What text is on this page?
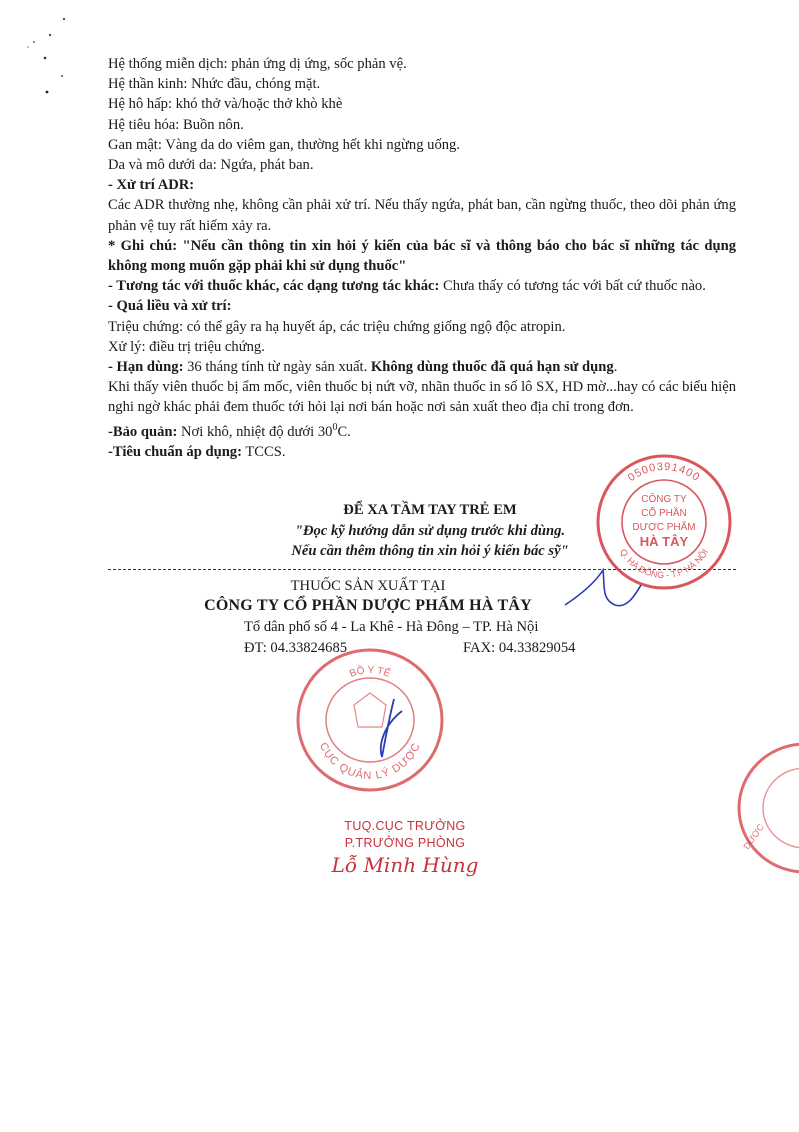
Hệ thống miễn dịch: phản ứng dị ứng, sốc phản vệ.

Hệ thần kinh: Nhức đầu, chóng mặt.

Hệ hô hấp: khó thở và/hoặc thở khò khè

Hệ tiêu hóa: Buồn nôn.

Gan mật: Vàng da do viêm gan, thường hết khi ngừng uống.

Da và mô dưới da: Ngứa, phát ban.

- Xử trí ADR:

Các ADR thường nhẹ, không cần phải xử trí. Nếu thấy ngứa, phát ban, cần ngừng thuốc, theo dõi phản ứng phản vệ tuy rất hiếm xảy ra.

* Ghi chú: "Nếu cần thông tin xin hỏi ý kiến của bác sĩ và thông báo cho bác sĩ những tác dụng không mong muốn gặp phải khi sử dụng thuốc"

- Tương tác với thuốc khác, các dạng tương tác khác: Chưa thấy có tương tác với bất cứ thuốc nào.

- Quá liều và xử trí:

Triệu chứng: có thể gây ra hạ huyết áp, các triệu chứng giống ngộ độc atropin.

Xử lý: điều trị triệu chứng.

- Hạn dùng: 36 tháng tính từ ngày sản xuất. Không dùng thuốc đã quá hạn sử dụng.

Khi thấy viên thuốc bị ẩm mốc, viên thuốc bị nứt vỡ, nhãn thuốc in số lô SX, HD mờ...hay có các biểu hiện nghi ngờ khác phải đem thuốc tới hỏi lại nơi bán hoặc nơi sản xuất theo địa chỉ trong đơn.

-Bảo quản: Nơi khô, nhiệt độ dưới $30^0C$.

-Tiêu chuẩn áp dụng: TCCS.

ĐỂ XA TẦM TAY TRẺ EM
"Đọc kỹ hướng dẫn sử dụng trước khi dùng.
Nếu cần thêm thông tin xin hỏi ý kiến bác sỹ"
THUỐC SẢN XUẤT TẠI
CÔNG TY CỔ PHẦN DƯỢC PHẨM HÀ TÂY
Tổ dân phố số 4 - La Khê - Hà Đông – TP. Hà Nội
ĐT: 04.33824685	FAX: 04.33829054
0500391400
Q. HÀ ĐÔNG - T.P HÀ NỘI
CÔNG TY
CỔ PHẦN
DƯỢC PHẨM
HÀ TÂY
BỘ Y TẾ
CỤC QUẢN LÝ DƯỢC
DƯỢC
TUQ.CỤC TRƯỞNG
P.TRƯỞNG PHÒNG
Lỗ Minh Hùng
